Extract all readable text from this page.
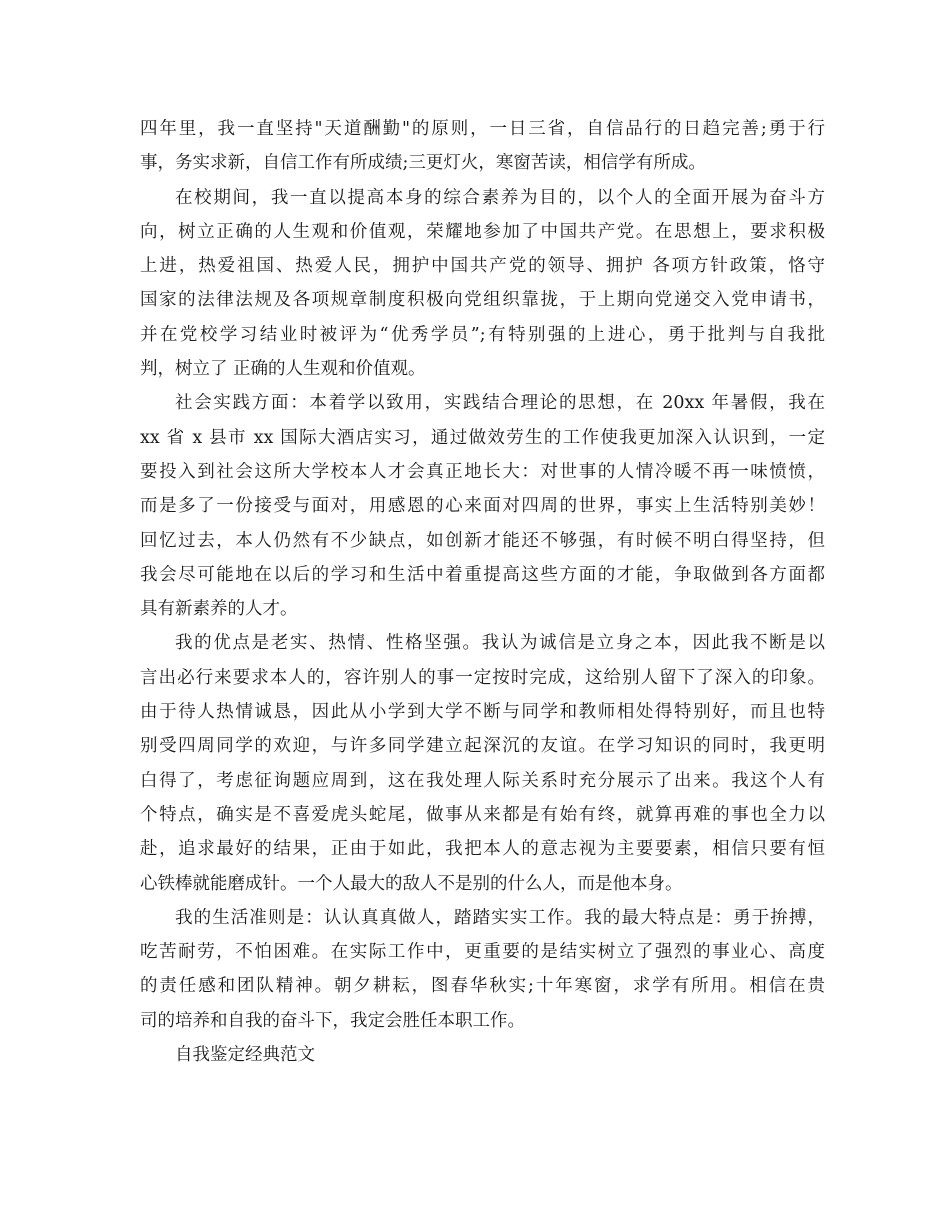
四年里，我一直坚持"天道酬勤"的原则，一日三省，自信品行的日趋完善;勇于行
事，务实求新，自信工作有所成绩;三更灯火，寒窗苦读，相信学有所成。
在校期间，我一直以提高本身的综合素养为目的，以个人的全面开展为奋斗方
向，树立正确的人生观和价值观，荣耀地参加了中国共产党。在思想上，要求积极
上进，热爱祖国、热爱人民，拥护中国共产党的领导、拥护 各项方针政策，恪守
国家的法律法规及各项规章制度积极向党组织靠拢，于上期向党递交入党申请书，
并在党校学习结业时被评为“优秀学员”;有特别强的上进心，勇于批判与自我批
判，树立了 正确的人生观和价值观。
社会实践方面：本着学以致用，实践结合理论的思想，在 20xx 年暑假，我在
xx 省 x 县市 xx 国际大酒店实习，通过做效劳生的工作使我更加深入认识到，一定
要投入到社会这所大学校本人才会真正地长大：对世事的人情冷暖不再一味愤愤，
而是多了一份接受与面对，用感恩的心来面对四周的世界，事实上生活特别美妙！
回忆过去，本人仍然有不少缺点，如创新才能还不够强，有时候不明白得坚持，但
我会尽可能地在以后的学习和生活中着重提高这些方面的才能，争取做到各方面都
具有新素养的人才。
我的优点是老实、热情、性格坚强。我认为诚信是立身之本，因此我不断是以
言出必行来要求本人的，容许别人的事一定按时完成，这给别人留下了深入的印象。
由于待人热情诚恳，因此从小学到大学不断与同学和教师相处得特别好，而且也特
别受四周同学的欢迎，与许多同学建立起深沉的友谊。在学习知识的同时，我更明
白得了，考虑征询题应周到，这在我处理人际关系时充分展示了出来。我这个人有
个特点，确实是不喜爱虎头蛇尾，做事从来都是有始有终，就算再难的事也全力以
赴，追求最好的结果，正由于如此，我把本人的意志视为主要要素，相信只要有恒
心铁棒就能磨成针。一个人最大的敌人不是别的什么人，而是他本身。
我的生活准则是：认认真真做人，踏踏实实工作。我的最大特点是：勇于拚搏，
吃苦耐劳，不怕困难。在实际工作中，更重要的是结实树立了强烈的事业心、高度
的责任感和团队精神。朝夕耕耘，图春华秋实;十年寒窗，求学有所用。相信在贵
司的培养和自我的奋斗下，我定会胜任本职工作。
自我鉴定经典范文
